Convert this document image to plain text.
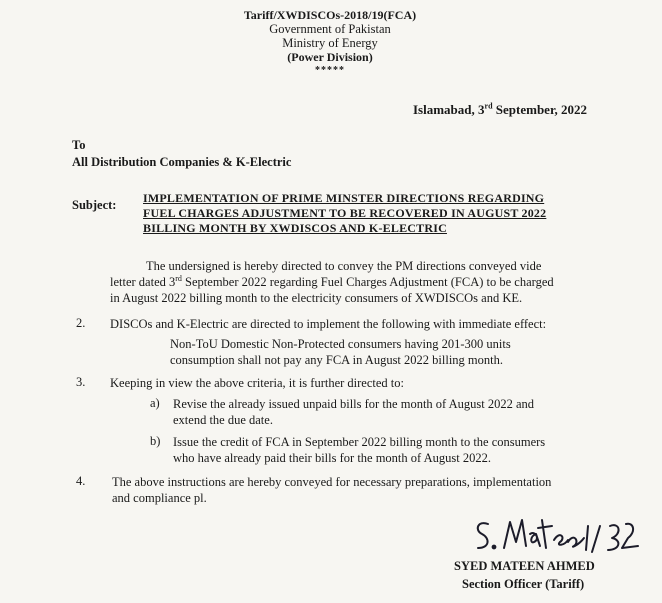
Tariff/XWDISCOs-2018/19(FCA)
Government of Pakistan
Ministry of Energy
(Power Division)
*****
Islamabad, 3rd September, 2022
To
All Distribution Companies & K-Electric
Subject: IMPLEMENTATION OF PRIME MINSTER DIRECTIONS REGARDING
FUEL CHARGES ADJUSTMENT TO BE RECOVERED IN AUGUST 2022
BILLING MONTH BY XWDISCOS AND K-ELECTRIC
The undersigned is hereby directed to convey the PM directions conveyed vide
letter dated 3rd September 2022 regarding Fuel Charges Adjustment (FCA) to be charged
in August 2022 billing month to the electricity consumers of XWDISCOs and KE.
2. DISCOs and K-Electric are directed to implement the following with immediate effect:
Non-ToU Domestic Non-Protected consumers having 201-300 units
consumption shall not pay any FCA in August 2022 billing month.
3. Keeping in view the above criteria, it is further directed to:
a) Revise the already issued unpaid bills for the month of August 2022 and
extend the due date.
b) Issue the credit of FCA in September 2022 billing month to the consumers
who have already paid their bills for the month of August 2022.
4. The above instructions are hereby conveyed for necessary preparations, implementation
and compliance pl.
SYED MATEEN AHMED
Section Officer (Tariff)
